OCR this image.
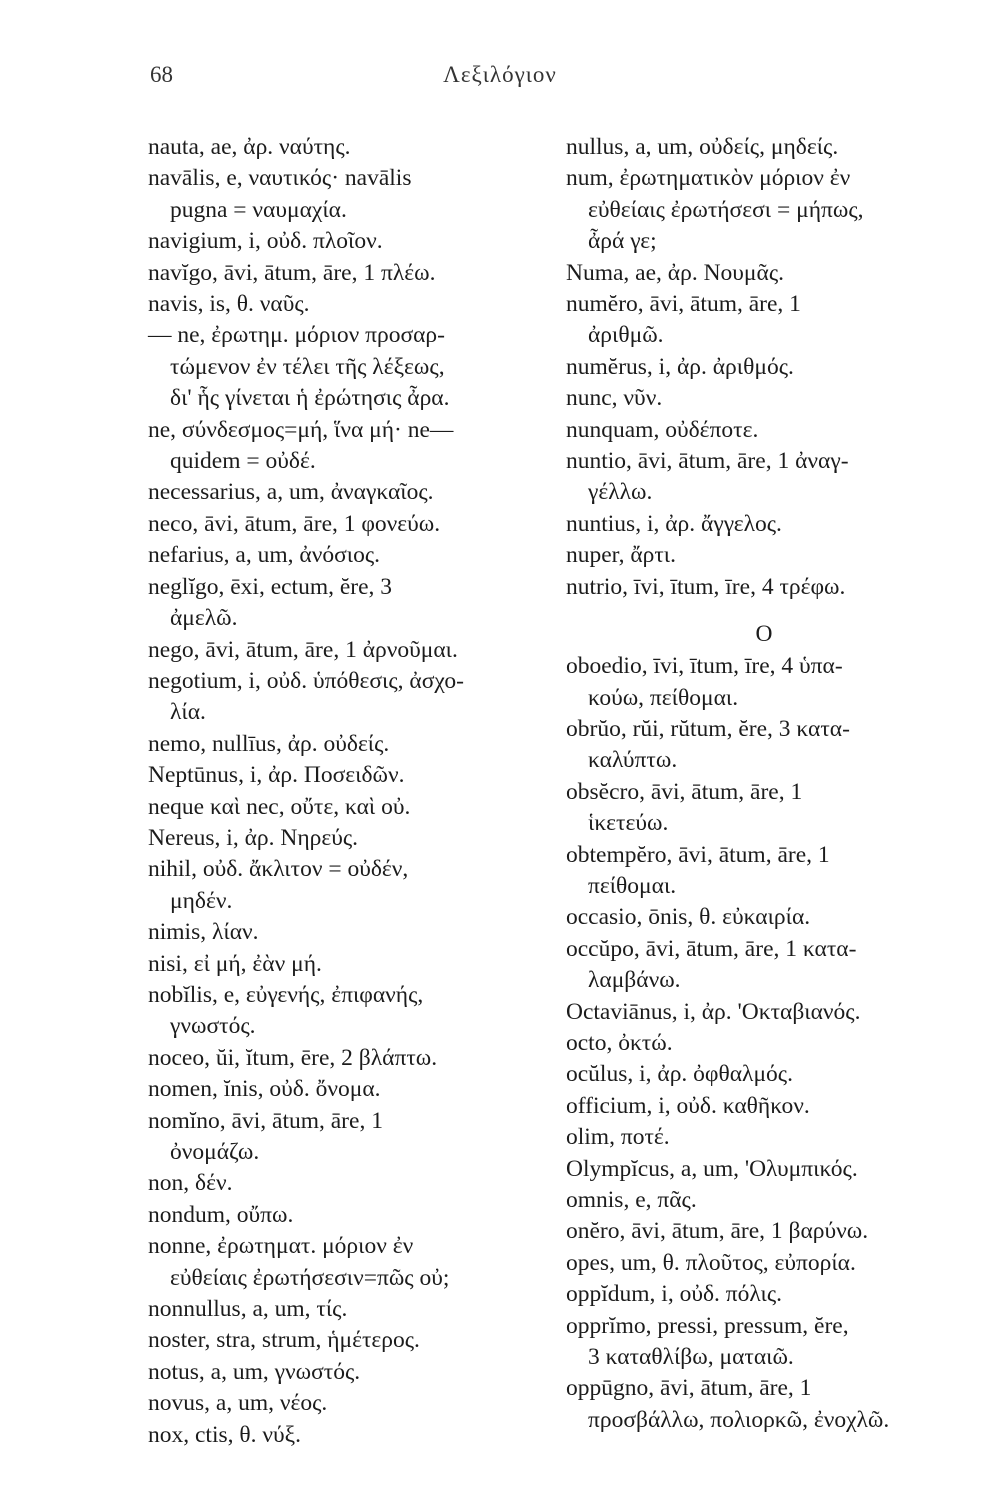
68	Λεξιλόγιον
nauta, ae, ἀρ. ναύτης.
navālis, e, ναυτικός· navālis
pugna = ναυμαχία.
navigium, i, οὐδ. πλοῖον.
navĭgo, āvi, ātum, āre, 1 πλέω.
navis, is, θ. ναῦς.
— ne, ἐρωτημ. μόριον προσαρ-
τώμενον ἐν τέλει τῆς λέξεως,
δι' ἧς γίνεται ἡ ἐρώτησις ἆρα.
ne, σύνδεσμος=μή, ἵνα μή· ne—
quidem = οὐδέ.
necessarius, a, um, ἀναγκαῖος.
neco, āvi, ātum, āre, 1 φονεύω.
nefarius, a, um, ἀνόσιος.
neglĭgo, ēxi, ectum, ĕre, 3
ἀμελῶ.
nego, āvi, ātum, āre, 1 ἀρνοῦμαι.
negotium, i, οὐδ. ὑπόθεσις, ἀσχο-
λία.
nemo, nullīus, ἀρ. οὐδείς.
Neptūnus, i, ἀρ. Ποσειδῶν.
neque καὶ nec, οὔτε, καὶ οὐ.
Nereus, i, ἀρ. Νηρεύς.
nihil, οὐδ. ἄκλιτον = οὐδέν,
μηδέν.
nimis, λίαν.
nisi, εἰ μή, ἐὰν μή.
nobĭlis, e, εὐγενής, ἐπιφανής,
γνωστός.
noceo, ŭi, ĭtum, ēre, 2 βλάπτω.
nomen, ĭnis, οὐδ. ὄνομα.
nomĭno, āvi, ātum, āre, 1
ὀνομάζω.
non, δέν.
nondum, οὔπω.
nonne, ἐρωτηματ. μόριον ἐν
εὐθείαις ἐρωτήσεσιν=πῶς οὐ;
nonnullus, a, um, τίς.
noster, stra, strum, ἡμέτερος.
notus, a, um, γνωστός.
novus, a, um, νέος.
nox, ctis, θ. νύξ.
nullus, a, um, οὐδείς, μηδείς.
num, ἐρωτηματικὸν μόριον ἐν
εὐθείαις ἐρωτήσεσι = μήπως,
ἆρά γε;
Numa, ae, ἀρ. Νουμᾶς.
numĕro, āvi, ātum, āre, 1
ἀριθμῶ.
numĕrus, i, ἀρ. ἀριθμός.
nunc, νῦν.
nunquam, οὐδέποτε.
nuntio, āvi, ātum, āre, 1 ἀναγ-
γέλλω.
nuntius, i, ἀρ. ἄγγελος.
nuper, ἄρτι.
nutrio, īvi, ītum, īre, 4 τρέφω.
O
oboedio, īvi, ītum, īre, 4 ὑπα-
κούω, πείθομαι.
obrŭo, rŭi, rŭtum, ĕre, 3 κατα-
καλύπτω.
obsĕcro, āvi, ātum, āre, 1
ἱκετεύω.
obtempĕro, āvi, ātum, āre, 1
πείθομαι.
occasio, ōnis, θ. εὐκαιρία.
occŭpo, āvi, ātum, āre, 1 κατα-
λαμβάνω.
Octaviānus, i, ἀρ. 'Οκταβιανός.
octo, ὀκτώ.
ocŭlus, i, ἀρ. ὀφθαλμός.
officium, i, οὐδ. καθῆκον.
olim, ποτέ.
Olympĭcus, a, um, 'Ολυμπικός.
omnis, e, πᾶς.
onĕro, āvi, ātum, āre, 1 βαρύνω.
opes, um, θ. πλοῦτος, εὐπορία.
oppĭdum, i, οὐδ. πόλις.
opprĭmo, pressi, pressum, ĕre,
3 καταθλίβω, ματαιῶ.
oppūgno, āvi, ātum, āre, 1
προσβάλλω, πολιορκῶ, ἐνοχλῶ.
